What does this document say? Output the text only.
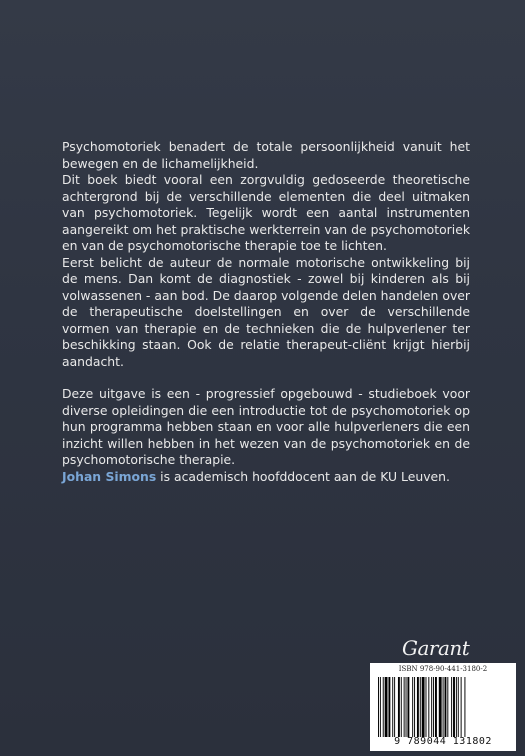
Psychomotoriek benadert de totale persoonlijkheid vanuit het bewegen en de lichamelijkheid.

Dit boek biedt vooral een zorgvuldig gedoseerde theoretische achtergrond bij de verschillende elementen die deel uitmaken van psychomotoriek. Tegelijk wordt een aantal instrumenten aangereikt om het praktische werkterrein van de psychomotoriek en van de psychomotorische therapie toe te lichten.

Eerst belicht de auteur de normale motorische ontwikkeling bij de mens. Dan komt de diagnostiek - zowel bij kinderen als bij volwassenen - aan bod. De daarop volgende delen handelen over de therapeutische doelstellingen en over de verschillende vormen van therapie en de technieken die de hulpverlener ter beschikking staan. Ook de relatie therapeut-cliënt krijgt hierbij aandacht.

Deze uitgave is een - progressief opgebouwd - studieboek voor diverse opleidingen die een introductie tot de psychomotoriek op hun programma hebben staan en voor alle hulpverleners die een inzicht willen hebben in het wezen van de psychomotoriek en de psychomotorische therapie.

Johan Simons is academisch hoofddocent aan de KU Leuven.

Garant
ISBN 978-90-441-3180-2
9 789044 131802
